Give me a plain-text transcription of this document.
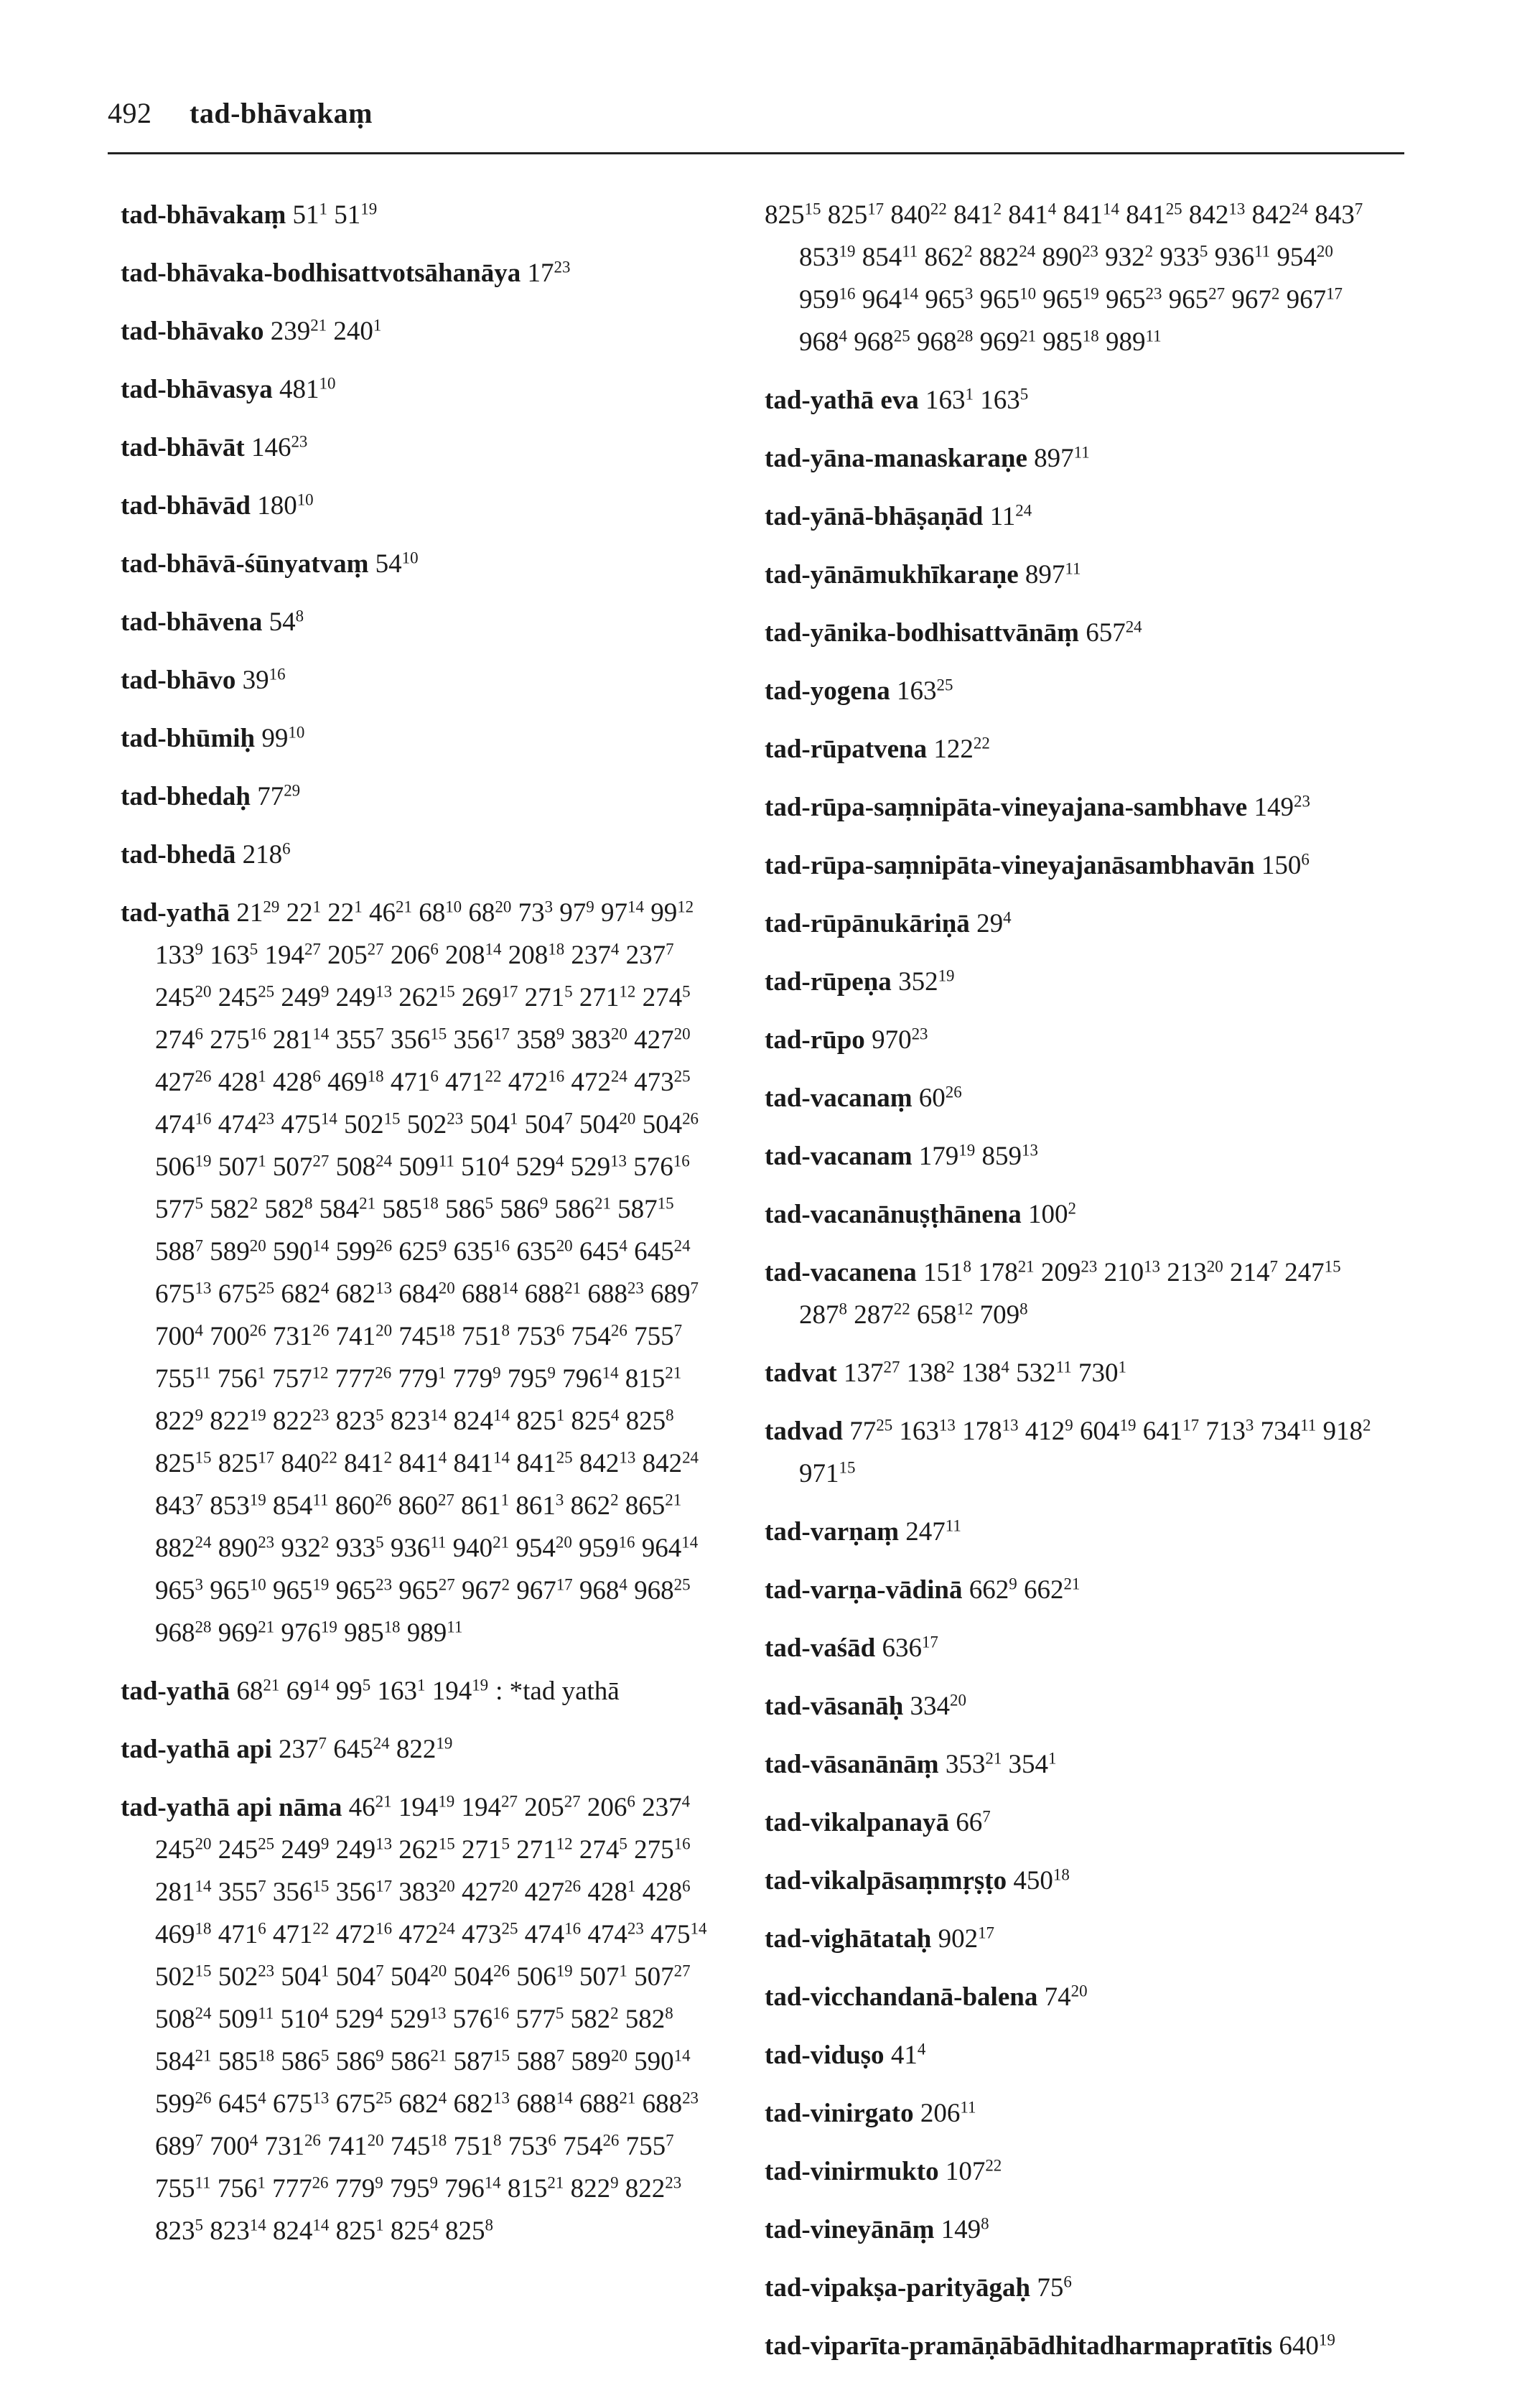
492 tad-bhāvakaṃ
tad-bhāvakaṃ $51^1$ $51^{19}$
tad-bhāvaka-bodhisattvotsāhanāya $17^{23}$
tad-bhāvako $239^{21}$ $240^1$
tad-bhāvasya $481^{10}$
tad-bhāvāt $146^{23}$
tad-bhāvād $180^{10}$
tad-bhāvā-śūnyatvaṃ $54^{10}$
tad-bhāvena $54^8$
tad-bhāvo $39^{16}$
tad-bhūmiḥ $99^{10}$
tad-bhedaḥ $77^{29}$
tad-bhedā $218^6$
tad-yathā $21^{29}$ $22^1$ $22^1$ $46^{21}$ $68^{10}$ $68^{20}$ $73^3$ $97^9$ $97^{14}$ $99^{12}$ $133^9$ $163^5$ $194^{27}$ $205^{27}$ $206^6$ $208^{14}$ $208^{18}$ $237^4$ $237^7$ $245^{20}$ $245^{25}$ $249^9$ $249^{13}$ $262^{15}$ $269^{17}$ $271^5$ $271^{12}$ $274^5$ $274^6$ $275^{16}$ $281^{14}$ $355^7$ $356^{15}$ $356^{17}$ $358^9$ $383^{20}$ $427^{20}$ $427^{26}$ $428^1$ $428^6$ $469^{18}$ $471^6$ $471^{22}$ $472^{16}$ $472^{24}$ $473^{25}$ $474^{16}$ $474^{23}$ $475^{14}$ $502^{15}$ $502^{23}$ $504^1$ $504^7$ $504^{20}$ $504^{26}$ $506^{19}$ $507^1$ $507^{27}$ $508^{24}$ $509^{11}$ $510^4$ $529^4$ $529^{13}$ $576^{16}$ $577^5$ $582^2$ $582^8$ $584^{21}$ $585^{18}$ $586^5$ $586^9$ $586^{21}$ $587^{15}$ $588^7$ $589^{20}$ $590^{14}$ $599^{26}$ $625^9$ $635^{16}$ $635^{20}$ $645^4$ $645^{24}$ $675^{13}$ $675^{25}$ $682^4$ $682^{13}$ $684^{20}$ $688^{14}$ $688^{21}$ $688^{23}$ $689^7$ $700^4$ $700^{26}$ $731^{26}$ $741^{20}$ $745^{18}$ $751^8$ $753^6$ $754^{26}$ $755^7$ $755^{11}$ $756^1$ $757^{12}$ $777^{26}$ $779^1$ $779^9$ $795^9$ $796^{14}$ $815^{21}$ $822^9$ $822^{19}$ $822^{23}$ $823^5$ $823^{14}$ $824^{14}$ $825^1$ $825^4$ $825^8$ $825^{15}$ $825^{17}$ $840^{22}$ $841^2$ $841^4$ $841^{14}$ $841^{25}$ $842^{13}$ $842^{24}$ $843^7$ $853^{19}$ $854^{11}$ $860^{26}$ $860^{27}$ $861^1$ $861^3$ $862^2$ $865^{21}$ $882^{24}$ $890^{23}$ $932^2$ $933^5$ $936^{11}$ $940^{21}$ $954^{20}$ $959^{16}$ $964^{14}$ $965^3$ $965^{10}$ $965^{19}$ $965^{23}$ $965^{27}$ $967^2$ $967^{17}$ $968^4$ $968^{25}$ $968^{28}$ $969^{21}$ $976^{19}$ $985^{18}$ $989^{11}$
tad-yathā $68^{21}$ $69^{14}$ $99^5$ $163^1$ $194^{19}$ : *tad yathā
tad-yathā api $237^7$ $645^{24}$ $822^{19}$
tad-yathā api nāma $46^{21}$ $194^{19}$ $194^{27}$ $205^{27}$ $206^6$ $237^4$ $245^{20}$ $245^{25}$ $249^9$ $249^{13}$ $262^{15}$ $271^5$ $271^{12}$ $274^5$ $275^{16}$ $281^{14}$ $355^7$ $356^{15}$ $356^{17}$ $383^{20}$ $427^{20}$ $427^{26}$ $428^1$ $428^6$ $469^{18}$ $471^6$ $471^{22}$ $472^{16}$ $472^{24}$ $473^{25}$ $474^{16}$ $474^{23}$ $475^{14}$ $502^{15}$ $502^{23}$ $504^1$ $504^7$ $504^{20}$ $504^{26}$ $506^{19}$ $507^1$ $507^{27}$ $508^{24}$ $509^{11}$ $510^4$ $529^4$ $529^{13}$ $576^{16}$ $577^5$ $582^2$ $582^8$ $584^{21}$ $585^{18}$ $586^5$ $586^9$ $586^{21}$ $587^{15}$ $588^7$ $589^{20}$ $590^{14}$ $599^{26}$ $645^4$ $675^{13}$ $675^{25}$ $682^4$ $682^{13}$ $688^{14}$ $688^{21}$ $688^{23}$ $689^7$ $700^4$ $731^{26}$ $741^{20}$ $745^{18}$ $751^8$ $753^6$ $754^{26}$ $755^7$ $755^{11}$ $756^1$ $777^{26}$ $779^9$ $795^9$ $796^{14}$ $815^{21}$ $822^9$ $822^{23}$ $823^5$ $823^{14}$ $824^{14}$ $825^1$ $825^4$ $825^8$
$825^{15}$ $825^{17}$ $840^{22}$ $841^2$ $841^4$ $841^{14}$ $841^{25}$ $842^{13}$ $842^{24}$ $843^7$ $853^{19}$ $854^{11}$ $862^2$ $882^{24}$ $890^{23}$ $932^2$ $933^5$ $936^{11}$ $954^{20}$ $959^{16}$ $964^{14}$ $965^3$ $965^{10}$ $965^{19}$ $965^{23}$ $965^{27}$ $967^2$ $967^{17}$ $968^4$ $968^{25}$ $968^{28}$ $969^{21}$ $985^{18}$ $989^{11}$
tad-yathā eva $163^1$ $163^5$
tad-yāna-manaskaraṇe $897^{11}$
tad-yānā-bhāṣaṇād $11^{24}$
tad-yānāmukhīkaraṇe $897^{11}$
tad-yānika-bodhisattvānāṃ $657^{24}$
tad-yogena $163^{25}$
tad-rūpatvena $122^{22}$
tad-rūpa-saṃnipāta-vineyajana-sambhave $149^{23}$
tad-rūpa-saṃnipāta-vineyajanāsambhavān $150^6$
tad-rūpānukāriṇā $29^4$
tad-rūpeṇa $352^{19}$
tad-rūpo $970^{23}$
tad-vacanaṃ $60^{26}$
tad-vacanam $179^{19}$ $859^{13}$
tad-vacanānuṣṭhānena $100^2$
tad-vacanena $151^8$ $178^{21}$ $209^{23}$ $210^{13}$ $213^{20}$ $214^7$ $247^{15}$ $287^8$ $287^{22}$ $658^{12}$ $709^8$
tadvat $137^{27}$ $138^2$ $138^4$ $532^{11}$ $730^1$
tadvad $77^{25}$ $163^{13}$ $178^{13}$ $412^9$ $604^{19}$ $641^{17}$ $713^3$ $734^{11}$ $918^2$ $971^{15}$
tad-varṇaṃ $247^{11}$
tad-varṇa-vādinā $662^9$ $662^{21}$
tad-vaśād $636^{17}$
tad-vāsanāḥ $334^{20}$
tad-vāsanānāṃ $353^{21}$ $354^1$
tad-vikalpanayā $66^7$
tad-vikalpāsaṃmṛṣṭo $450^{18}$
tad-vighātataḥ $902^{17}$
tad-vicchandanā-balena $74^{20}$
tad-viduṣo $41^4$
tad-vinirgato $206^{11}$
tad-vinirmukto $107^{22}$
tad-vineyānāṃ $149^8$
tad-vipakṣa-parityāgaḥ $75^6$
tad-viparīta-pramāṇābādhitadharmapratītis $640^{19}$
